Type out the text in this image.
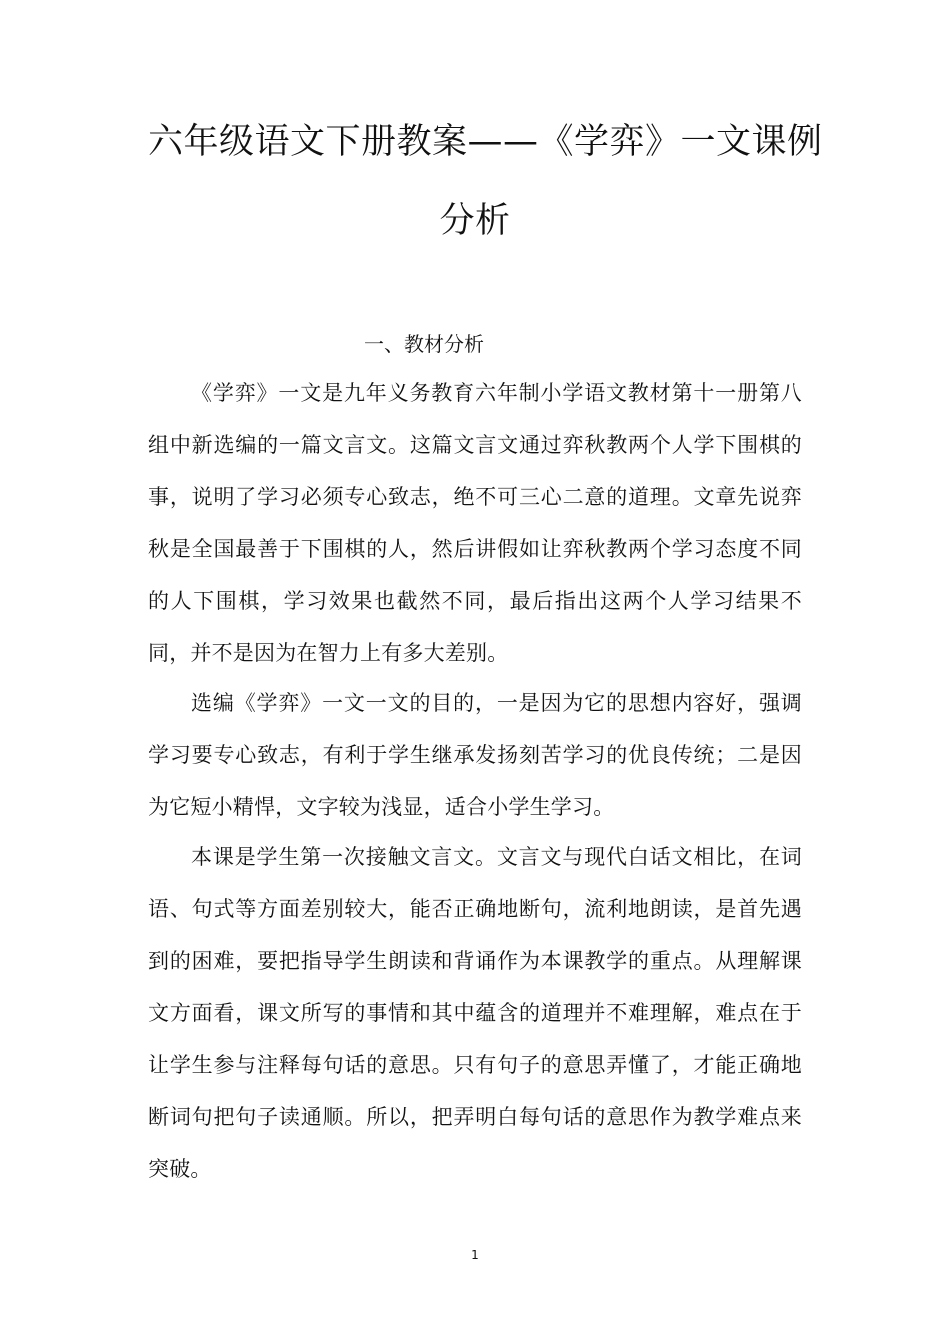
六年级语文下册教案——《学弈》一文课例
分析
一、教材分析

《学弈》一文是九年义务教育六年制小学语文教材第十一册第八组中新选编的一篇文言文。这篇文言文通过弈秋教两个人学下围棋的事，说明了学习必须专心致志，绝不可三心二意的道理。文章先说弈秋是全国最善于下围棋的人，然后讲假如让弈秋教两个学习态度不同的人下围棋，学习效果也截然不同，最后指出这两个人学习结果不同，并不是因为在智力上有多大差别。

选编《学弈》一文一文的目的，一是因为它的思想内容好，强调学习要专心致志，有利于学生继承发扬刻苦学习的优良传统；二是因为它短小精悍，文字较为浅显，适合小学生学习。

本课是学生第一次接触文言文。文言文与现代白话文相比，在词语、句式等方面差别较大，能否正确地断句，流利地朗读，是首先遇到的困难，要把指导学生朗读和背诵作为本课教学的重点。从理解课文方面看，课文所写的事情和其中蕴含的道理并不难理解，难点在于让学生参与注释每句话的意思。只有句子的意思弄懂了，才能正确地断词句把句子读通顺。所以，把弄明白每句话的意思作为教学难点来突破。

1
